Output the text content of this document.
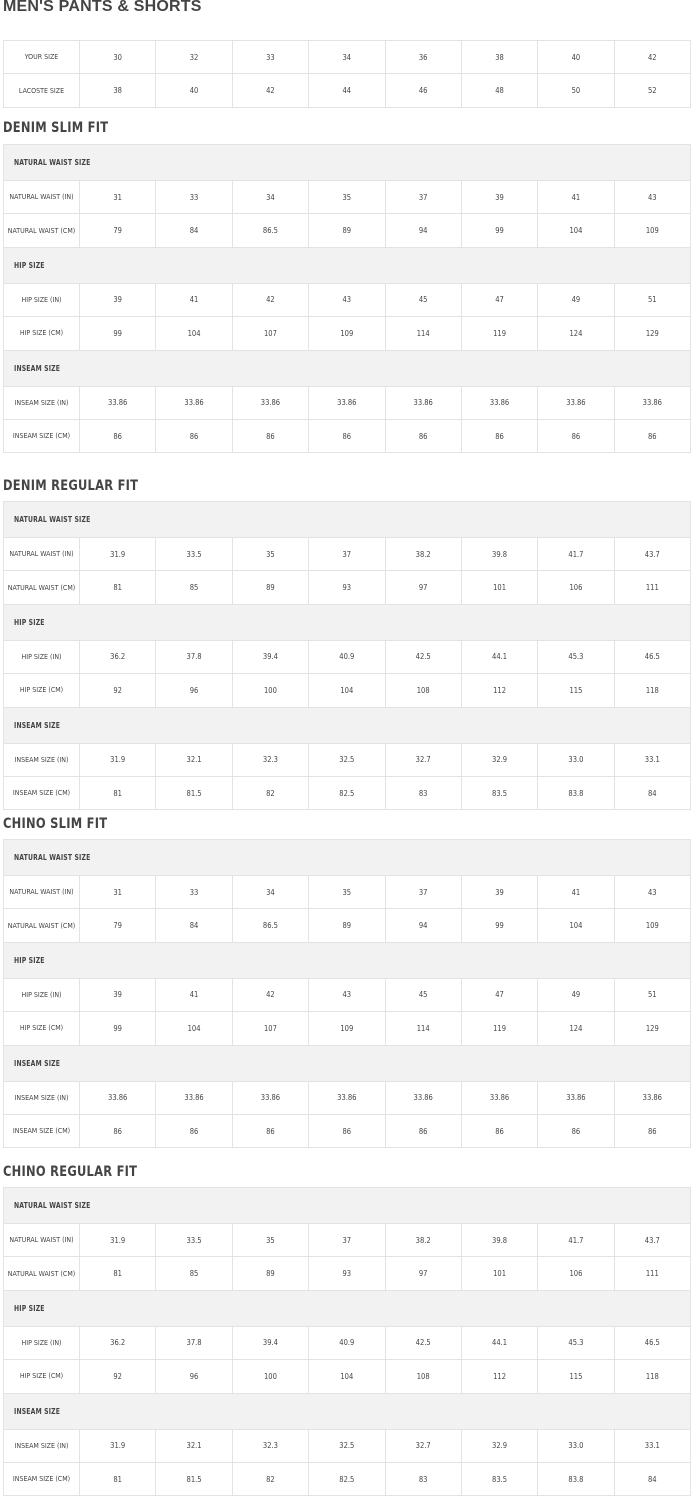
MEN'S PANTS & SHORTS
YOUR SIZE	30	32	33	34	36	38	40	42
LACOSTE SIZE	38	40	42	44	46	48	50	52
DENIM SLIM FIT
NATURAL WAIST SIZE								
NATURAL WAIST (IN)	31	33	34	35	37	39	41	43
NATURAL WAIST (CM)	79	84	86.5	89	94	99	104	109
HIP SIZE								
HIP SIZE (IN)	39	41	42	43	45	47	49	51
HIP SIZE (CM)	99	104	107	109	114	119	124	129
INSEAM SIZE								
INSEAM SIZE (IN)	33.86	33.86	33.86	33.86	33.86	33.86	33.86	33.86
INSEAM SIZE (CM)	86	86	86	86	86	86	86	86
DENIM REGULAR FIT
NATURAL WAIST SIZE								
NATURAL WAIST (IN)	31.9	33.5	35	37	38.2	39.8	41.7	43.7
NATURAL WAIST (CM)	81	85	89	93	97	101	106	111
HIP SIZE								
HIP SIZE (IN)	36.2	37.8	39.4	40.9	42.5	44.1	45.3	46.5
HIP SIZE (CM)	92	96	100	104	108	112	115	118
INSEAM SIZE								
INSEAM SIZE (IN)	31.9	32.1	32.3	32.5	32.7	32.9	33.0	33.1
INSEAM SIZE (CM)	81	81.5	82	82.5	83	83.5	83.8	84
CHINO SLIM FIT
NATURAL WAIST SIZE								
NATURAL WAIST (IN)	31	33	34	35	37	39	41	43
NATURAL WAIST (CM)	79	84	86.5	89	94	99	104	109
HIP SIZE								
HIP SIZE (IN)	39	41	42	43	45	47	49	51
HIP SIZE (CM)	99	104	107	109	114	119	124	129
INSEAM SIZE								
INSEAM SIZE (IN)	33.86	33.86	33.86	33.86	33.86	33.86	33.86	33.86
INSEAM SIZE (CM)	86	86	86	86	86	86	86	86
CHINO REGULAR FIT
NATURAL WAIST SIZE								
NATURAL WAIST (IN)	31.9	33.5	35	37	38.2	39.8	41.7	43.7
NATURAL WAIST (CM)	81	85	89	93	97	101	106	111
HIP SIZE								
HIP SIZE (IN)	36.2	37.8	39.4	40.9	42.5	44.1	45.3	46.5
HIP SIZE (CM)	92	96	100	104	108	112	115	118
INSEAM SIZE								
INSEAM SIZE (IN)	31.9	32.1	32.3	32.5	32.7	32.9	33.0	33.1
INSEAM SIZE (CM)	81	81.5	82	82.5	83	83.5	83.8	84
